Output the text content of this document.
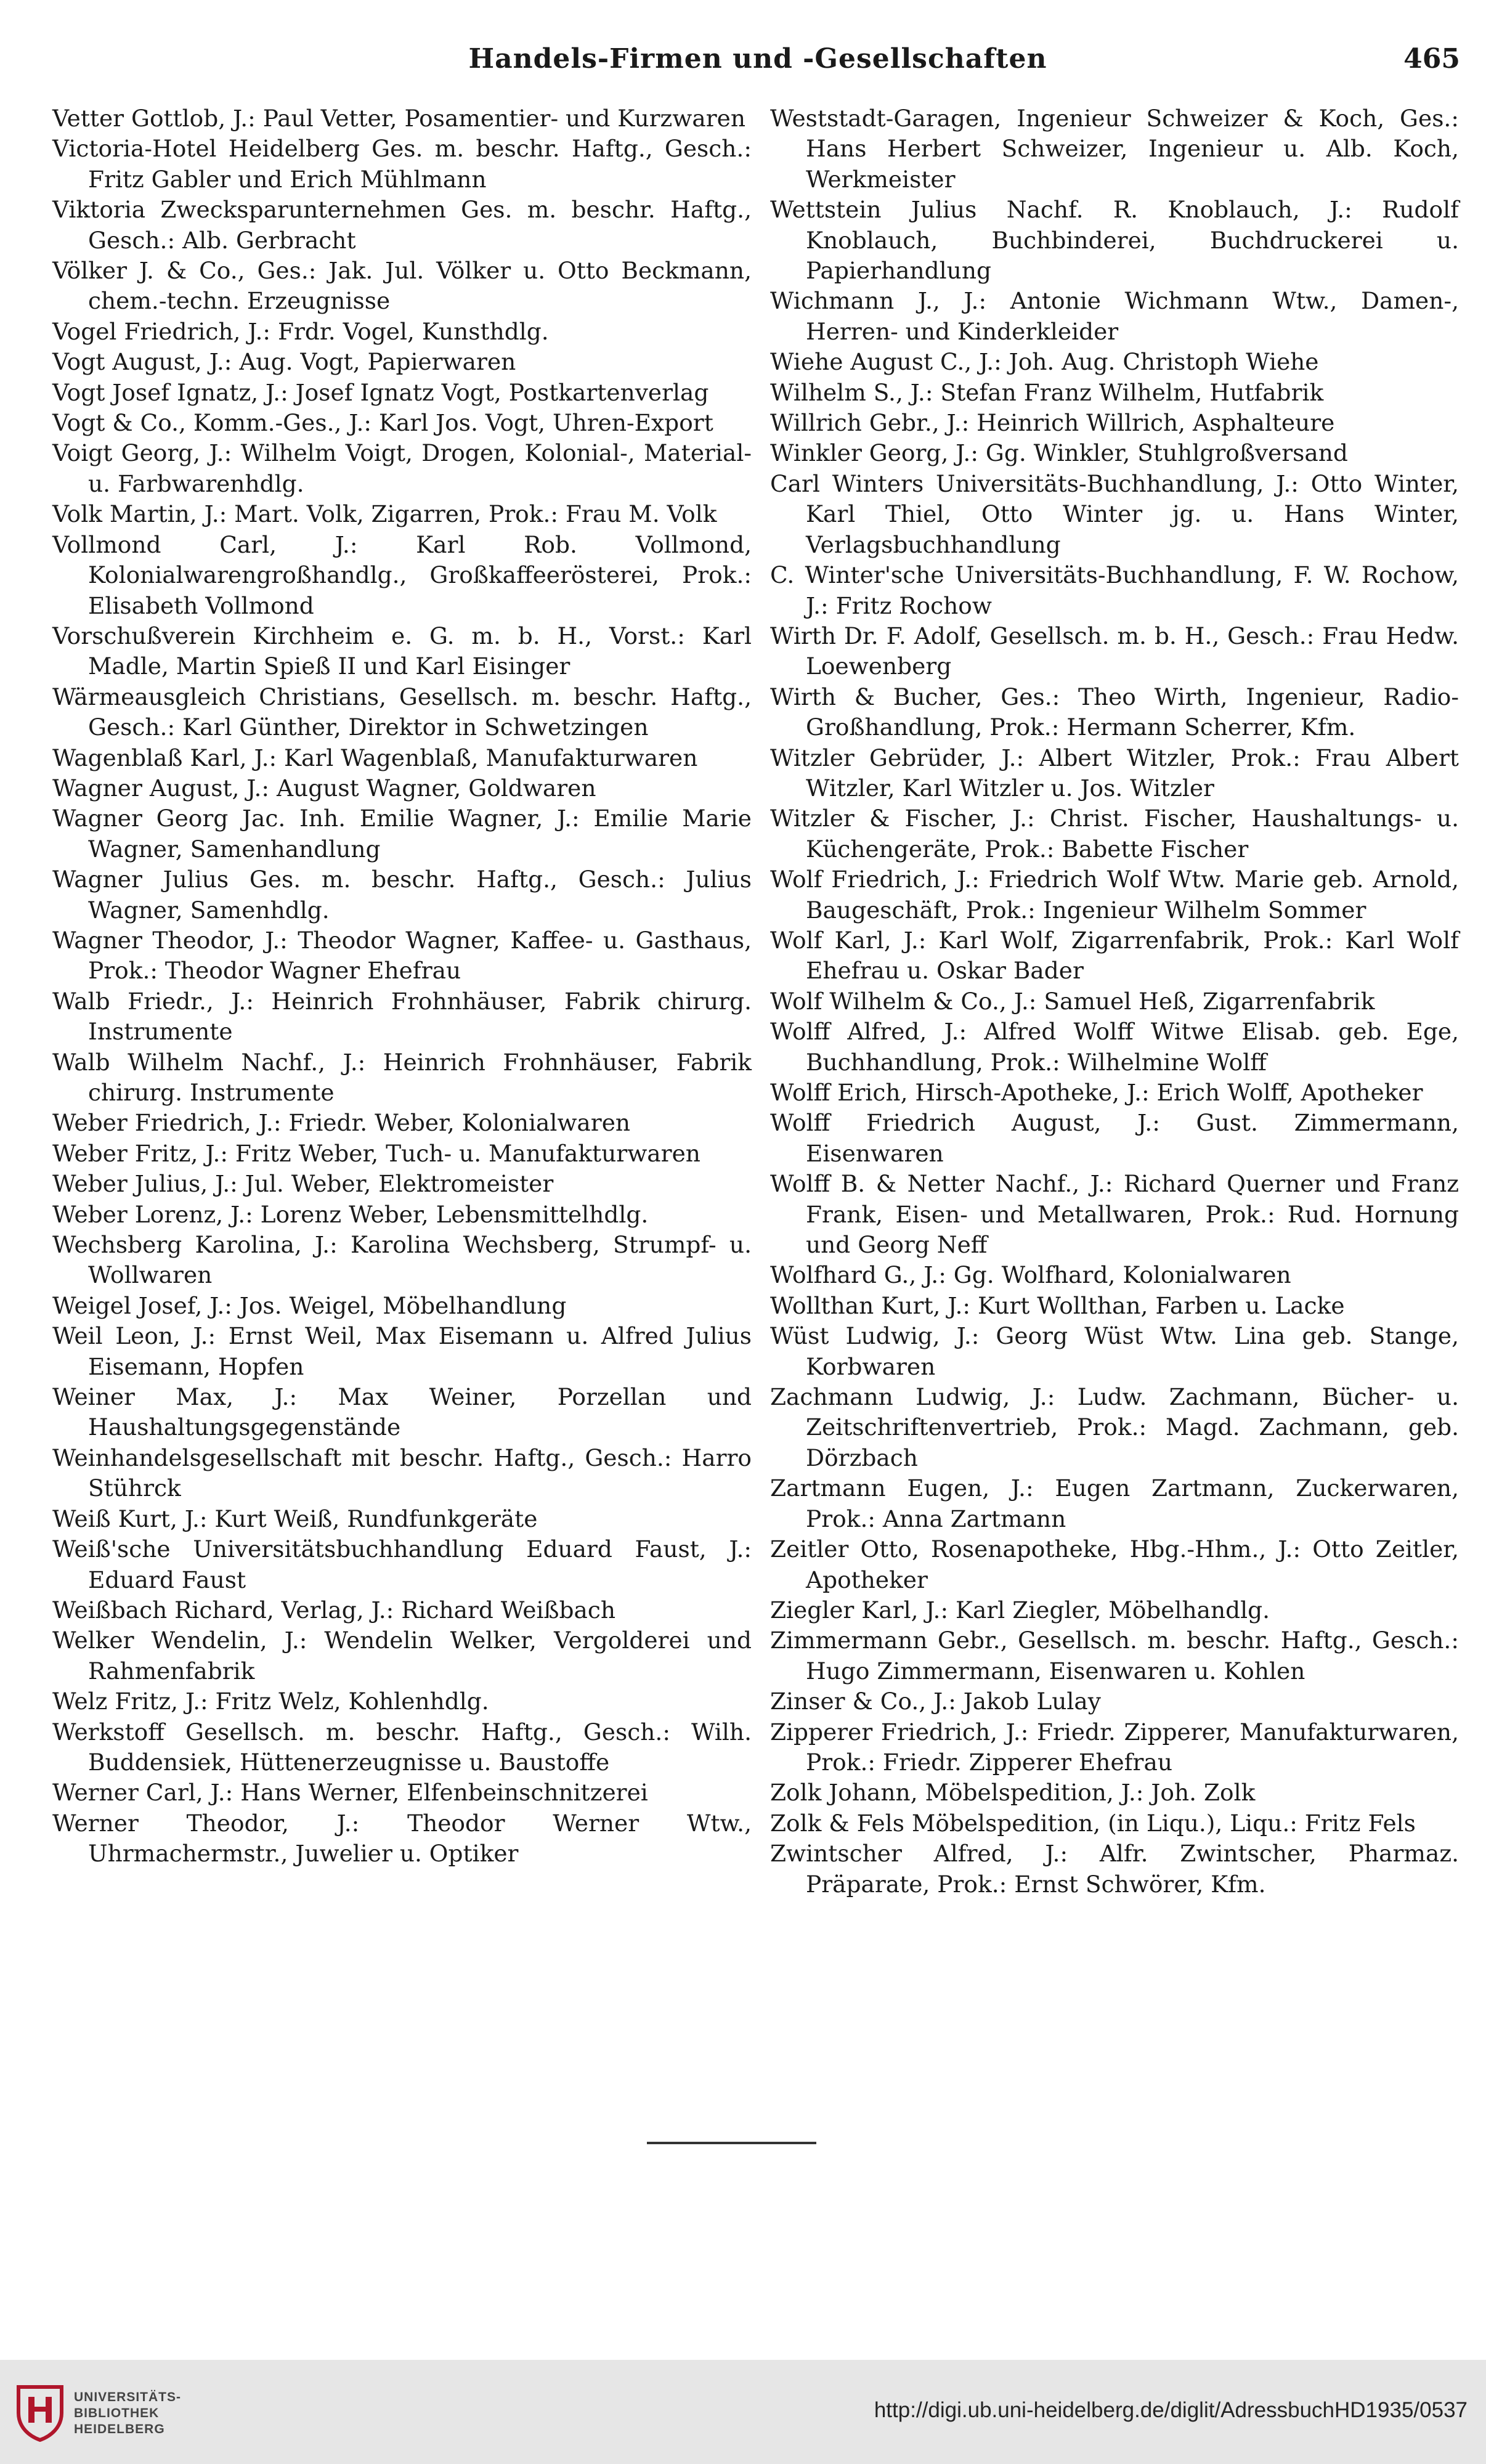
Handels-Firmen und -Gesellschaften	465

Vetter Gottlob, J.: Paul Vetter, Posamentier- und Kurzwaren

Victoria-Hotel Heidelberg Ges. m. beschr. Haftg., Gesch.: Fritz Gabler und Erich Mühlmann

Viktoria Zwecksparunternehmen Ges. m. beschr. Haftg., Gesch.: Alb. Gerbracht

Völker J. & Co., Ges.: Jak. Jul. Völker u. Otto Beckmann, chem.-techn. Erzeugnisse

Vogel Friedrich, J.: Frdr. Vogel, Kunsthdlg.

Vogt August, J.: Aug. Vogt, Papierwaren

Vogt Josef Ignatz, J.: Josef Ignatz Vogt, Postkartenverlag

Vogt & Co., Komm.-Ges., J.: Karl Jos. Vogt, Uhren-Export

Voigt Georg, J.: Wilhelm Voigt, Drogen, Kolonial-, Material- u. Farbwarenhdlg.

Volk Martin, J.: Mart. Volk, Zigarren, Prok.: Frau M. Volk

Vollmond Carl, J.: Karl Rob. Vollmond, Kolonialwarengroßhandlg., Großkaffeerösterei, Prok.: Elisabeth Vollmond

Vorschußverein Kirchheim e. G. m. b. H., Vorst.: Karl Madle, Martin Spieß II und Karl Eisinger

Wärmeausgleich Christians, Gesellsch. m. beschr. Haftg., Gesch.: Karl Günther, Direktor in Schwetzingen

Wagenblaß Karl, J.: Karl Wagenblaß, Manufakturwaren

Wagner August, J.: August Wagner, Goldwaren

Wagner Georg Jac. Inh. Emilie Wagner, J.: Emilie Marie Wagner, Samenhandlung

Wagner Julius Ges. m. beschr. Haftg., Gesch.: Julius Wagner, Samenhdlg.

Wagner Theodor, J.: Theodor Wagner, Kaffee- u. Gasthaus, Prok.: Theodor Wagner Ehefrau

Walb Friedr., J.: Heinrich Frohnhäuser, Fabrik chirurg. Instrumente

Walb Wilhelm Nachf., J.: Heinrich Frohnhäuser, Fabrik chirurg. Instrumente

Weber Friedrich, J.: Friedr. Weber, Kolonialwaren

Weber Fritz, J.: Fritz Weber, Tuch- u. Manufakturwaren

Weber Julius, J.: Jul. Weber, Elektromeister

Weber Lorenz, J.: Lorenz Weber, Lebensmittelhdlg.

Wechsberg Karolina, J.: Karolina Wechsberg, Strumpf- u. Wollwaren

Weigel Josef, J.: Jos. Weigel, Möbelhandlung

Weil Leon, J.: Ernst Weil, Max Eisemann u. Alfred Julius Eisemann, Hopfen

Weiner Max, J.: Max Weiner, Porzellan und Haushaltungsgegenstände

Weinhandelsgesellschaft mit beschr. Haftg., Gesch.: Harro Stührck

Weiß Kurt, J.: Kurt Weiß, Rundfunkgeräte

Weiß'sche Universitätsbuchhandlung Eduard Faust, J.: Eduard Faust

Weißbach Richard, Verlag, J.: Richard Weißbach

Welker Wendelin, J.: Wendelin Welker, Vergolderei und Rahmenfabrik

Welz Fritz, J.: Fritz Welz, Kohlenhdlg.

Werkstoff Gesellsch. m. beschr. Haftg., Gesch.: Wilh. Buddensiek, Hüttenerzeugnisse u. Baustoffe

Werner Carl, J.: Hans Werner, Elfenbeinschnitzerei

Werner Theodor, J.: Theodor Werner Wtw., Uhrmachermstr., Juwelier u. Optiker

Weststadt-Garagen, Ingenieur Schweizer & Koch, Ges.: Hans Herbert Schweizer, Ingenieur u. Alb. Koch, Werkmeister

Wettstein Julius Nachf. R. Knoblauch, J.: Rudolf Knoblauch, Buchbinderei, Buchdruckerei u. Papierhandlung

Wichmann J., J.: Antonie Wichmann Wtw., Damen-, Herren- und Kinderkleider

Wiehe August C., J.: Joh. Aug. Christoph Wiehe

Wilhelm S., J.: Stefan Franz Wilhelm, Hutfabrik

Willrich Gebr., J.: Heinrich Willrich, Asphalteure

Winkler Georg, J.: Gg. Winkler, Stuhlgroßversand

Carl Winters Universitäts-Buchhandlung, J.: Otto Winter, Karl Thiel, Otto Winter jg. u. Hans Winter, Verlagsbuchhandlung

C. Winter'sche Universitäts-Buchhandlung, F. W. Rochow, J.: Fritz Rochow

Wirth Dr. F. Adolf, Gesellsch. m. b. H., Gesch.: Frau Hedw. Loewenberg

Wirth & Bucher, Ges.: Theo Wirth, Ingenieur, Radio-Großhandlung, Prok.: Hermann Scherrer, Kfm.

Witzler Gebrüder, J.: Albert Witzler, Prok.: Frau Albert Witzler, Karl Witzler u. Jos. Witzler

Witzler & Fischer, J.: Christ. Fischer, Haushaltungs- u. Küchengeräte, Prok.: Babette Fischer

Wolf Friedrich, J.: Friedrich Wolf Wtw. Marie geb. Arnold, Baugeschäft, Prok.: Ingenieur Wilhelm Sommer

Wolf Karl, J.: Karl Wolf, Zigarrenfabrik, Prok.: Karl Wolf Ehefrau u. Oskar Bader

Wolf Wilhelm & Co., J.: Samuel Heß, Zigarrenfabrik

Wolff Alfred, J.: Alfred Wolff Witwe Elisab. geb. Ege, Buchhandlung, Prok.: Wilhelmine Wolff

Wolff Erich, Hirsch-Apotheke, J.: Erich Wolff, Apotheker

Wolff Friedrich August, J.: Gust. Zimmermann, Eisenwaren

Wolff B. & Netter Nachf., J.: Richard Querner und Franz Frank, Eisen- und Metallwaren, Prok.: Rud. Hornung und Georg Neff

Wolfhard G., J.: Gg. Wolfhard, Kolonialwaren

Wollthan Kurt, J.: Kurt Wollthan, Farben u. Lacke

Wüst Ludwig, J.: Georg Wüst Wtw. Lina geb. Stange, Korbwaren

Zachmann Ludwig, J.: Ludw. Zachmann, Bücher- u. Zeitschriftenvertrieb, Prok.: Magd. Zachmann, geb. Dörzbach

Zartmann Eugen, J.: Eugen Zartmann, Zuckerwaren, Prok.: Anna Zartmann

Zeitler Otto, Rosenapotheke, Hbg.-Hhm., J.: Otto Zeitler, Apotheker

Ziegler Karl, J.: Karl Ziegler, Möbelhandlg.

Zimmermann Gebr., Gesellsch. m. beschr. Haftg., Gesch.: Hugo Zimmermann, Eisenwaren u. Kohlen

Zinser & Co., J.: Jakob Lulay

Zipperer Friedrich, J.: Friedr. Zipperer, Manufakturwaren, Prok.: Friedr. Zipperer Ehefrau

Zolk Johann, Möbelspedition, J.: Joh. Zolk

Zolk & Fels Möbelspedition, (in Liqu.), Liqu.: Fritz Fels

Zwintscher Alfred, J.: Alfr. Zwintscher, Pharmaz. Präparate, Prok.: Ernst Schwörer, Kfm.

UNIVERSITÄTS-
BIBLIOTHEK
HEIDELBERG
http://digi.ub.uni-heidelberg.de/diglit/AdressbuchHD1935/0537
